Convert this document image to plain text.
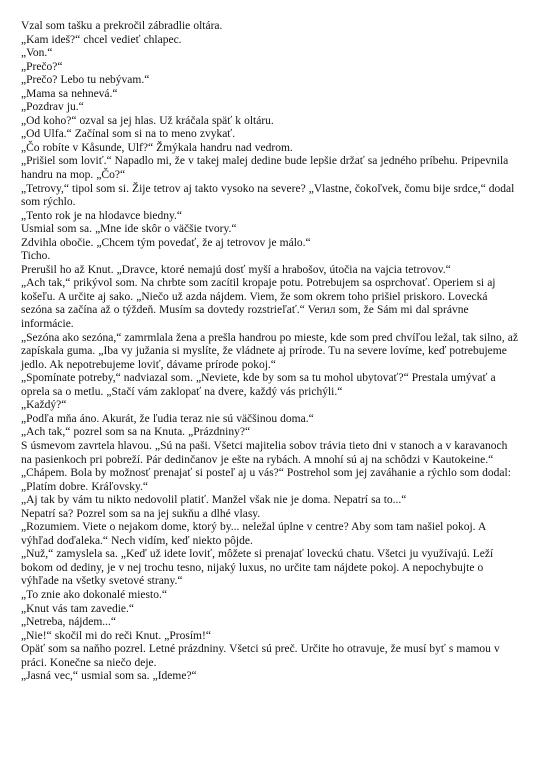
Vzal som tašku a prekročil zábradlie oltára.

„Kam ideš?“ chcel vedieť chlapec.

„Von.“

„Prečo?“

„Prečo? Lebo tu nebývam.“

„Mama sa nehnevá.“

„Pozdrav ju.“

„Od koho?“ ozval sa jej hlas. Už kráčala späť k oltáru.

„Od Ulfa.“ Začínal som si na to meno zvykať.

„Čo robíte v Kåsunde, Ulf?“ Žmýkala handru nad vedrom.

„Prišiel som loviť.“ Napadlo mi, že v takej malej dedine bude lepšie držať sa jedného príbehu. Pripevnila handru na mop. „Čo?“

„Tetrovy,“ tipol som si. Žije tetrov aj takto vysoko na severe? „Vlastne, čokoľvek, čomu bije srdce,“ dodal som rýchlo.

„Tento rok je na hlodavce biedny.“

Usmial som sa. „Mne ide skôr o väčšie tvory.“

Zdvihla obočie. „Chcem tým povedať, že aj tetrovov je málo.“

Ticho.

Prerušil ho až Knut. „Dravce, ktoré nemajú dosť myší a hrabošov, útočia na vajcia tetrovov.“

„Ach tak,“ prikývol som. Na chrbte som zacítil kropaje potu. Potrebujem sa osprchovať. Operiem si aj košeľu. A určite aj sako. „Niečo už azda nájdem. Viem, že som okrem toho prišiel priskoro. Lovecká sezóna sa začína až o týždeň. Musím sa dovtedy rozstrieľať.“ Verил som, že Sám mi dal správne informácie.

„Sezóna ako sezóna,“ zamrmlala žena a prešla handrou po mieste, kde som pred chvíľou ležal, tak silno, až zapískala guma. „Iba vy južania si myslíte, že vládnete aj prírode. Tu na severe lovíme, keď potrebujeme jedlo. Ak nepotrebujeme loviť, dávame prírode pokoj.“

„Spomínate potreby,“ nadviazal som. „Neviete, kde by som sa tu mohol ubytovať?“ Prestala umývať a oprela sa o metlu. „Stačí vám zaklopať na dvere, každý vás prichýli.“

„Každý?“

„Podľa mňa áno. Akurát, že ľudia teraz nie sú väčšinou doma.“

„Ach tak,“ pozrel som sa na Knuta. „Prázdniny?“

S úsmevom zavrtela hlavou. „Sú na paši. Všetci majitelia sobov trávia tieto dni v stanoch a v karavanoch na pasienkoch pri pobreží. Pár dedinčanov je ešte na rybách. A mnohí sú aj na schôdzi v Kautokeine.“

„Chápem. Bola by možnosť prenajať si posteľ aj u vás?“ Postrehol som jej zaváhanie a rýchlo som dodal: „Platím dobre. Kráľovsky.“

„Aj tak by vám tu nikto nedovolil platiť. Manžel však nie je doma. Nepatrí sa to...“

Nepatrí sa? Pozrel som sa na jej sukňu a dlhé vlasy.

„Rozumiem. Viete o nejakom dome, ktorý by... neležal úplne v centre? Aby som tam našiel pokoj. A výhľad doďaleka.“ Nech vidím, keď niekto pôjde.

„Nuž,“ zamyslela sa. „Keď už idete loviť, môžete si prenajať loveckú chatu. Všetci ju využívajú. Leží bokom od dediny, je v nej trochu tesno, nijaký luxus, no určite tam nájdete pokoj. A nepochybujte o výhľade na všetky svetové strany.“

„To znie ako dokonalé miesto.“

„Knut vás tam zavedie.“

„Netreba, nájdem...“

„Nie!“ skočil mi do reči Knut. „Prosím!“

Opäť som sa naňho pozrel. Letné prázdniny. Všetci sú preč. Určite ho otravuje, že musí byť s mamou v práci. Konečne sa niečo deje.

„Jasná vec,“ usmial som sa. „Ideme?“
